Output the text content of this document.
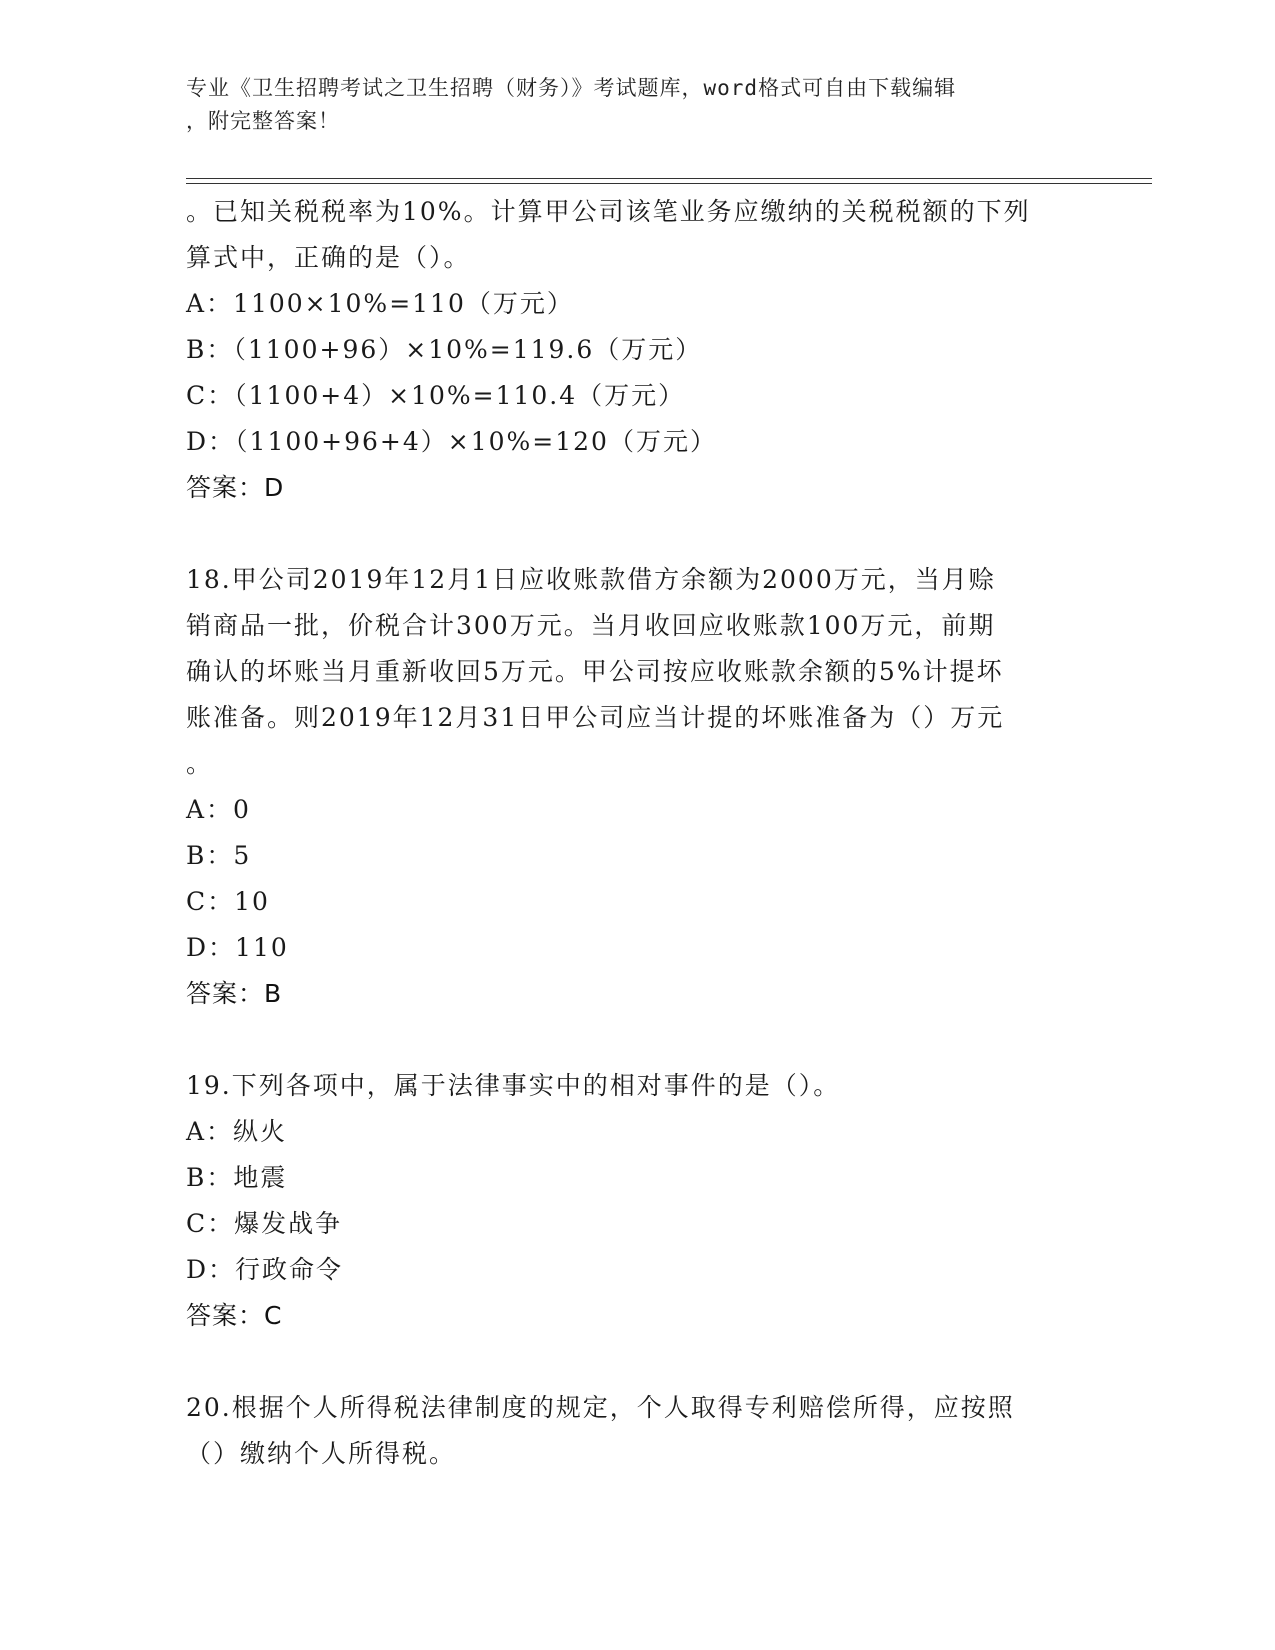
专业《卫生招聘考试之卫生招聘（财务）》考试题库，word格式可自由下载编辑
，附完整答案！
。已知关税税率为10%。计算甲公司该笔业务应缴纳的关税税额的下列
算式中，正确的是（）。
A：1100×10%=110（万元）
B：（1100+96）×10%=119.6（万元）
C：（1100+4）×10%=110.4（万元）
D：（1100+96+4）×10%=120（万元）
答案：D
18.甲公司2019年12月1日应收账款借方余额为2000万元，当月赊
销商品一批，价税合计300万元。当月收回应收账款100万元，前期
确认的坏账当月重新收回5万元。甲公司按应收账款余额的5%计提坏
账准备。则2019年12月31日甲公司应当计提的坏账准备为（）万元
。
A：0
B：5
C：10
D：110
答案：B
19.下列各项中，属于法律事实中的相对事件的是（）。
A：纵火
B：地震
C：爆发战争
D：行政命令
答案：C
20.根据个人所得税法律制度的规定，个人取得专利赔偿所得，应按照
（）缴纳个人所得税。
